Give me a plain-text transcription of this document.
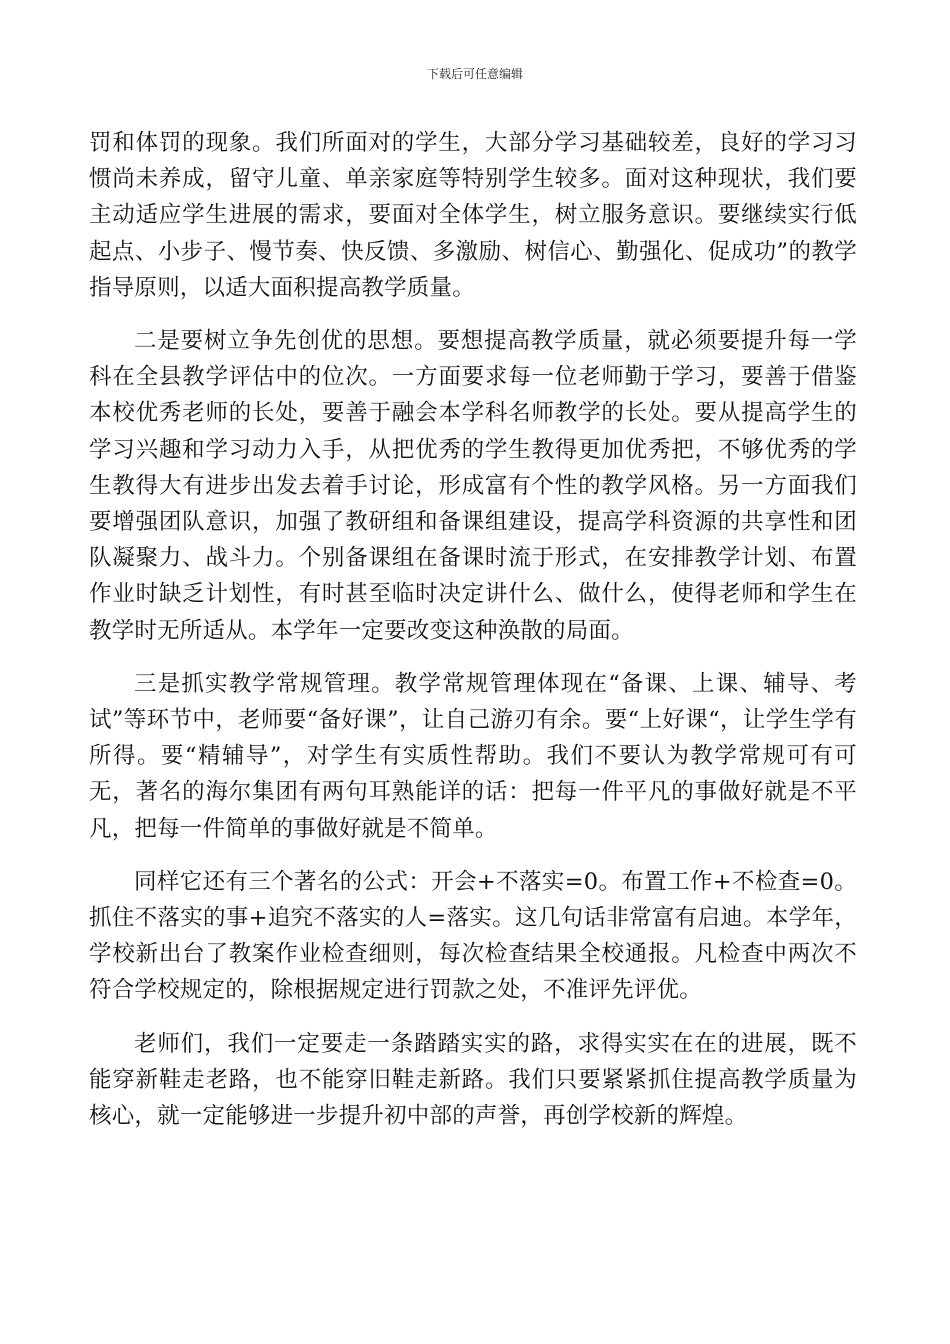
下载后可任意编辑

罚和体罚的现象。我们所面对的学生，大部分学习基础较差，良好的学习习惯尚未养成，留守儿童、单亲家庭等特别学生较多。面对这种现状，我们要主动适应学生进展的需求，要面对全体学生，树立服务意识。要继续实行低起点、小步子、慢节奏、快反馈、多激励、树信心、勤强化、促成功”的教学指导原则，以适大面积提高教学质量。

二是要树立争先创优的思想。要想提高教学质量，就必须要提升每一学科在全县教学评估中的位次。一方面要求每一位老师勤于学习，要善于借鉴本校优秀老师的长处，要善于融会本学科名师教学的长处。要从提高学生的学习兴趣和学习动力入手，从把优秀的学生教得更加优秀把，不够优秀的学生教得大有进步出发去着手讨论，形成富有个性的教学风格。另一方面我们要增强团队意识，加强了教研组和备课组建设，提高学科资源的共享性和团队凝聚力、战斗力。个别备课组在备课时流于形式，在安排教学计划、布置作业时缺乏计划性，有时甚至临时决定讲什么、做什么，使得老师和学生在教学时无所适从。本学年一定要改变这种涣散的局面。

三是抓实教学常规管理。教学常规管理体现在“备课、上课、辅导、考试”等环节中，老师要“备好课”，让自己游刃有余。要“上好课“，让学生学有所得。要“精辅导”，对学生有实质性帮助。我们不要认为教学常规可有可无，著名的海尔集团有两句耳熟能详的话：把每一件平凡的事做好就是不平凡，把每一件简单的事做好就是不简单。

同样它还有三个著名的公式：开会+不落实=0。布置工作+不检查=0。抓住不落实的事+追究不落实的人=落实。这几句话非常富有启迪。本学年，学校新出台了教案作业检查细则，每次检查结果全校通报。凡检查中两次不符合学校规定的，除根据规定进行罚款之处，不准评先评优。

老师们，我们一定要走一条踏踏实实的路，求得实实在在的进展，既不能穿新鞋走老路，也不能穿旧鞋走新路。我们只要紧紧抓住提高教学质量为核心，就一定能够进一步提升初中部的声誉，再创学校新的辉煌。
